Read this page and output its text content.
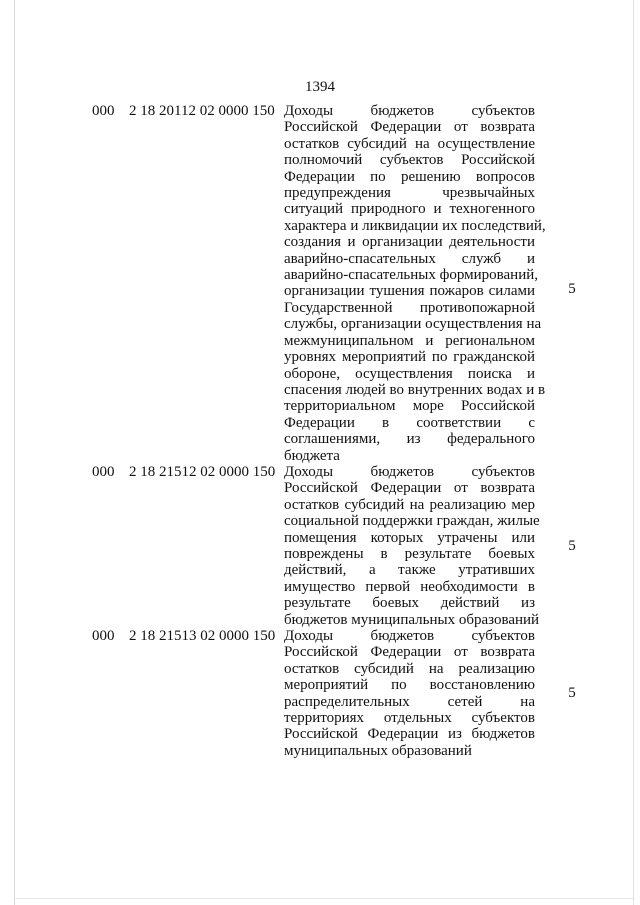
1394
000 2 18 20112 02 0000 150
5
Доходы бюджетов субъектов
Российской Федерации от возврата
остатков субсидий на осуществление
полномочий субъектов Российской
Федерации по решению вопросов
предупреждения чрезвычайных
ситуаций природного и техногенного
характера и ликвидации их последствий,
создания и организации деятельности
аварийно-спасательных служб и
аварийно-спасательных формирований,
организации тушения пожаров силами
Государственной противопожарной
службы, организации осуществления на
межмуниципальном и региональном
уровнях мероприятий по гражданской
обороне, осуществления поиска и
спасения людей во внутренних водах и в
территориальном море Российской
Федерации в соответствии с
соглашениями, из федерального
бюджета
000 2 18 21512 02 0000 150
5
Доходы бюджетов субъектов
Российской Федерации от возврата
остатков субсидий на реализацию мер
социальной поддержки граждан, жилые
помещения которых утрачены или
повреждены в результате боевых
действий, а также утративших
имущество первой необходимости в
результате боевых действий из
бюджетов муниципальных образований
000 2 18 21513 02 0000 150
5
Доходы бюджетов субъектов
Российской Федерации от возврата
остатков субсидий на реализацию
мероприятий по восстановлению
распределительных сетей на
территориях отдельных субъектов
Российской Федерации из бюджетов
муниципальных образований
